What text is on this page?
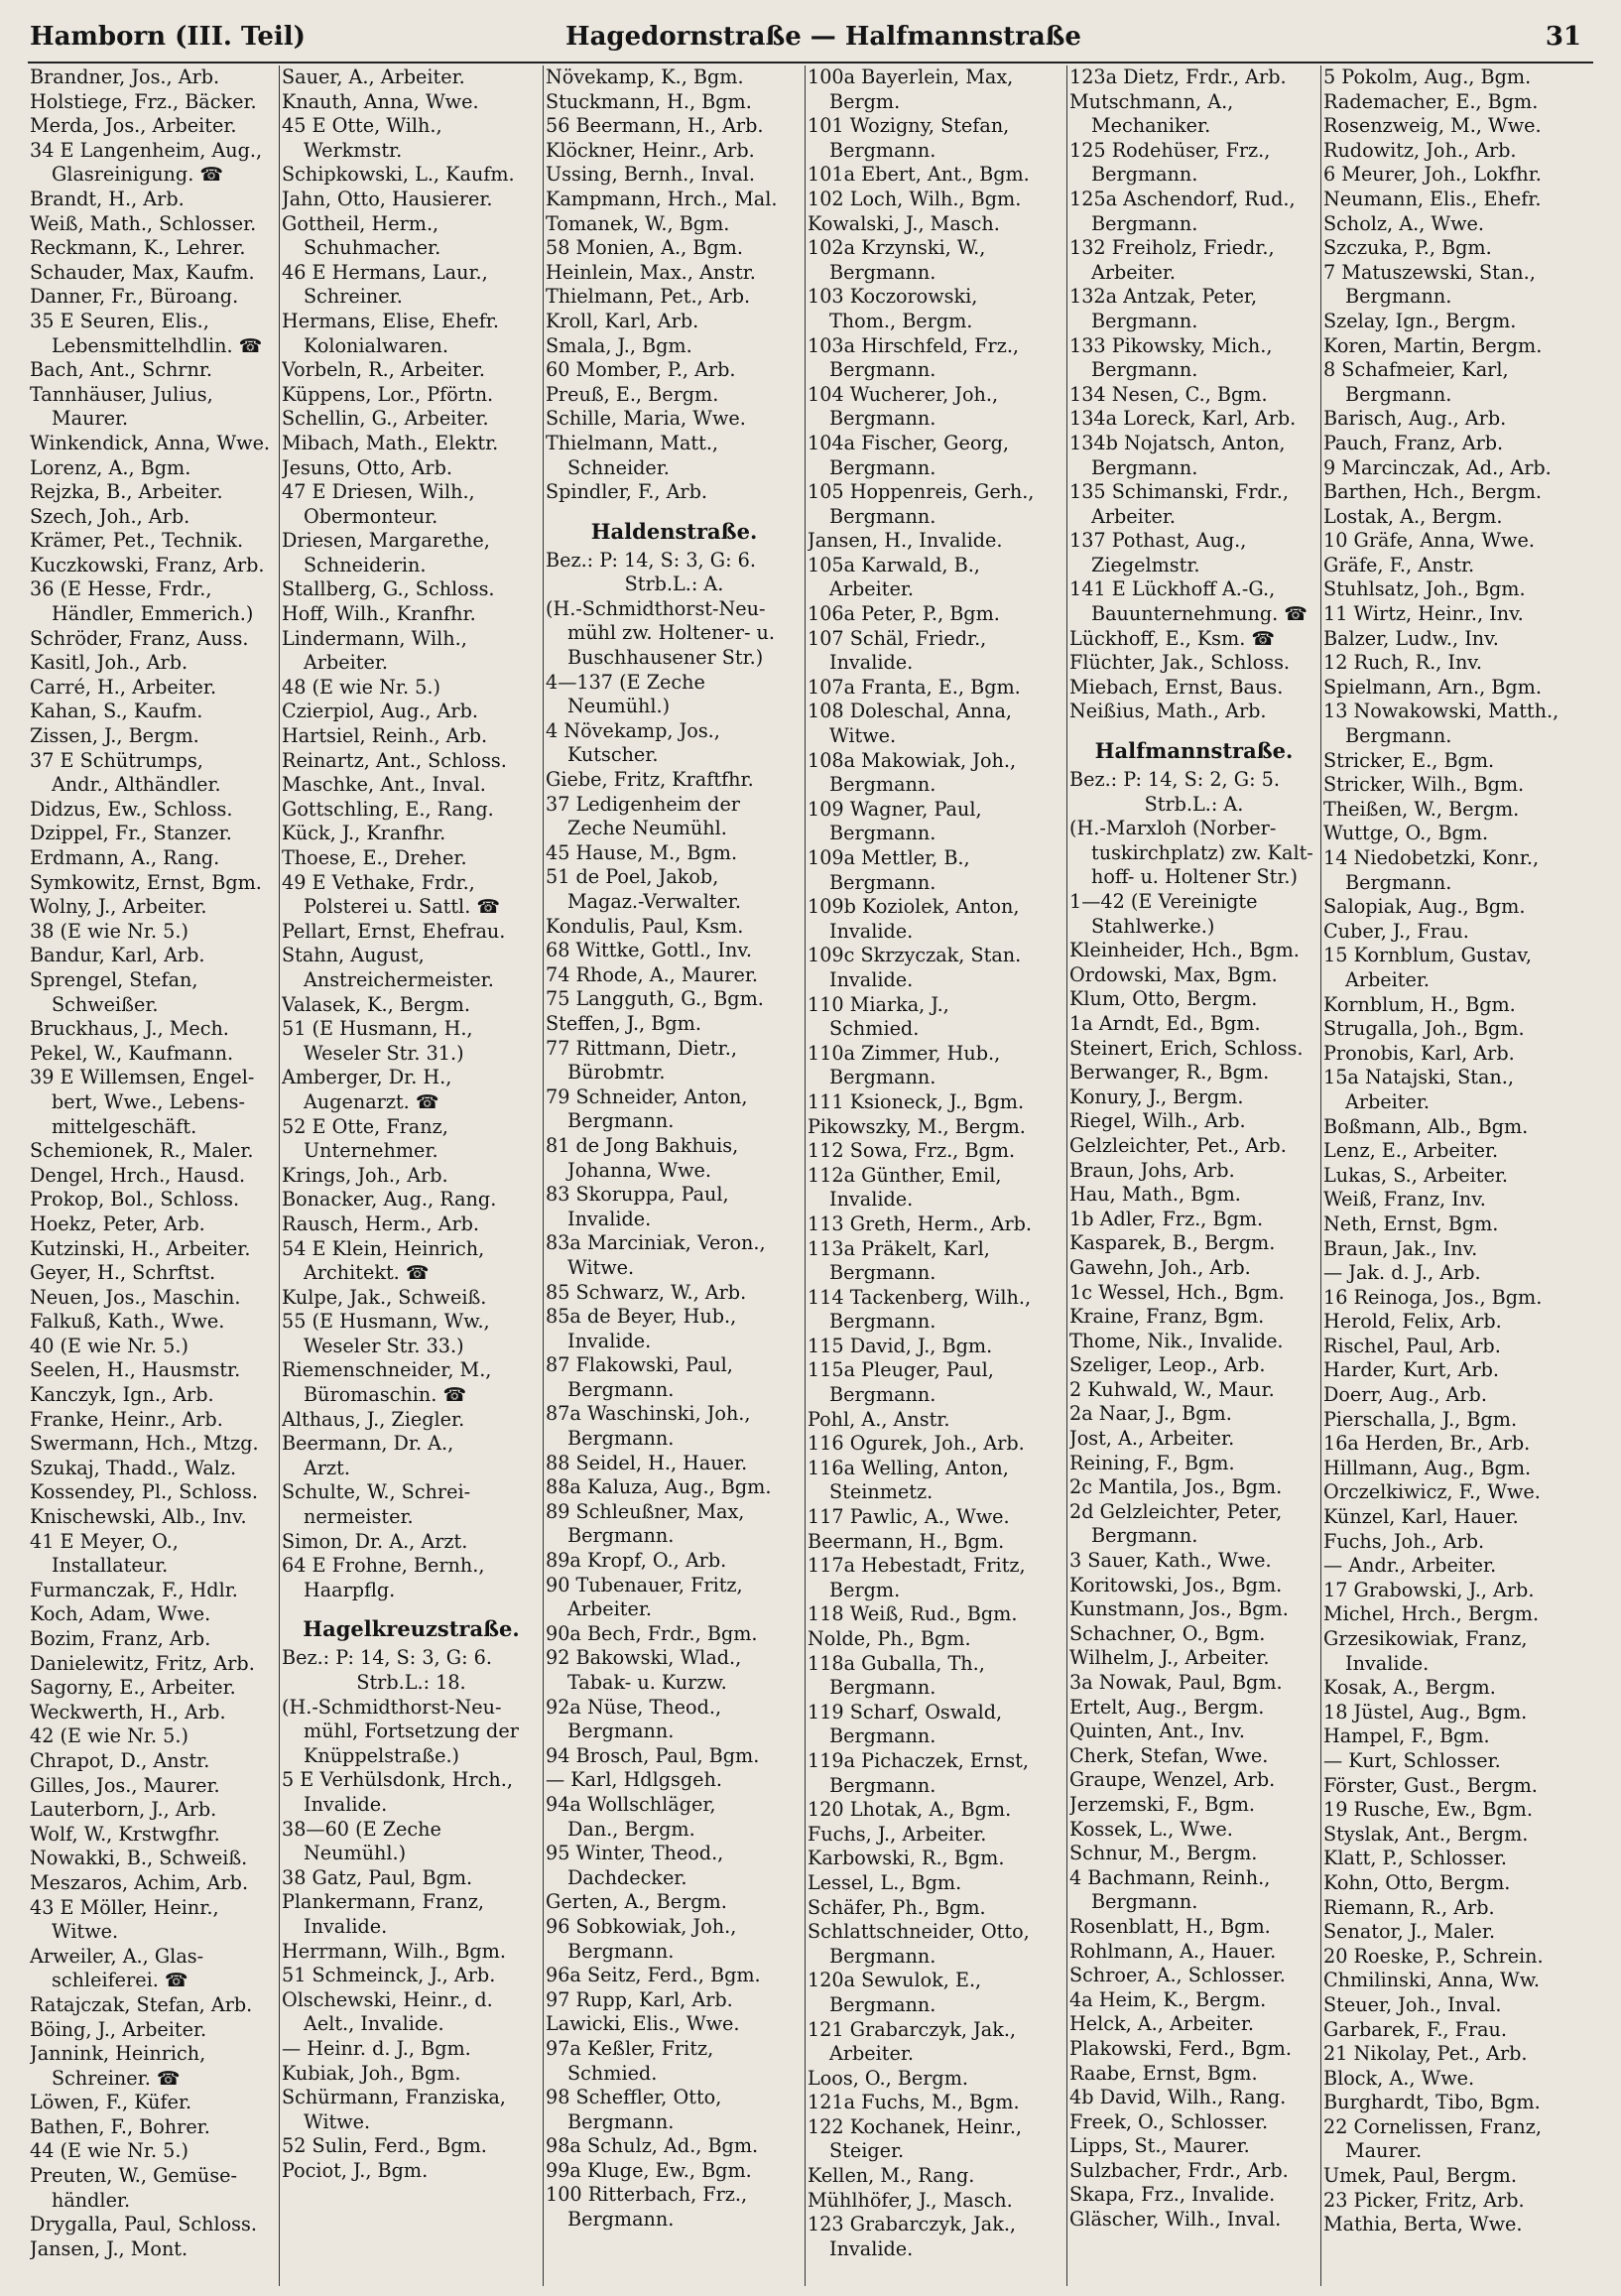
Hamborn (III. Teil)	Hagedornstraße — Halfmannstraße	31
Brandner, Jos., Arb.
Holstiege, Frz., Bäcker.
Merda, Jos., Arbeiter.
34 E Langenheim, Aug.,
Glasreinigung. ☎
Brandt, H., Arb.
Weiß, Math., Schlosser.
Reckmann, K., Lehrer.
Schauder, Max, Kaufm.
Danner, Fr., Büroang.
35 E Seuren, Elis.,
Lebensmittelhdlin. ☎
Bach, Ant., Schrnr.
Tannhäuser, Julius,
Maurer.
Winkendick, Anna, Wwe.
Lorenz, A., Bgm.
Rejzka, B., Arbeiter.
Szech, Joh., Arb.
Krämer, Pet., Technik.
Kuczkowski, Franz, Arb.
36 (E Hesse, Frdr.,
Händler, Emmerich.)
Schröder, Franz, Auss.
Kasitl, Joh., Arb.
Carré, H., Arbeiter.
Kahan, S., Kaufm.
Zissen, J., Bergm.
37 E Schütrumps,
Andr., Althändler.
Didzus, Ew., Schloss.
Dzippel, Fr., Stanzer.
Erdmann, A., Rang.
Symkowitz, Ernst, Bgm.
Wolny, J., Arbeiter.
38 (E wie Nr. 5.)
Bandur, Karl, Arb.
Sprengel, Stefan,
Schweißer.
Bruckhaus, J., Mech.
Pekel, W., Kaufmann.
39 E Willemsen, Engel-
bert, Wwe., Lebens-
mittelgeschäft.
Schemionek, R., Maler.
Dengel, Hrch., Hausd.
Prokop, Bol., Schloss.
Hoekz, Peter, Arb.
Kutzinski, H., Arbeiter.
Geyer, H., Schrftst.
Neuen, Jos., Maschin.
Falkuß, Kath., Wwe.
40 (E wie Nr. 5.)
Seelen, H., Hausmstr.
Kanczyk, Ign., Arb.
Franke, Heinr., Arb.
Swermann, Hch., Mtzg.
Szukaj, Thadd., Walz.
Kossendey, Pl., Schloss.
Knischewski, Alb., Inv.
41 E Meyer, O.,
Installateur.
Furmanczak, F., Hdlr.
Koch, Adam, Wwe.
Bozim, Franz, Arb.
Danielewitz, Fritz, Arb.
Sagorny, E., Arbeiter.
Weckwerth, H., Arb.
42 (E wie Nr. 5.)
Chrapot, D., Anstr.
Gilles, Jos., Maurer.
Lauterborn, J., Arb.
Wolf, W., Krstwgfhr.
Nowakki, B., Schweiß.
Meszaros, Achim, Arb.
43 E Möller, Heinr.,
Witwe.
Arweiler, A., Glas-
schleiferei. ☎
Ratajczak, Stefan, Arb.
Böing, J., Arbeiter.
Jannink, Heinrich,
Schreiner. ☎
Löwen, F., Küfer.
Bathen, F., Bohrer.
44 (E wie Nr. 5.)
Preuten, W., Gemüse-
händler.
Drygalla, Paul, Schloss.
Jansen, J., Mont.
Sauer, A., Arbeiter.
Knauth, Anna, Wwe.
45 E Otte, Wilh.,
Werkmstr.
Schipkowski, L., Kaufm.
Jahn, Otto, Hausierer.
Gottheil, Herm.,
Schuhmacher.
46 E Hermans, Laur.,
Schreiner.
Hermans, Elise, Ehefr.
Kolonialwaren.
Vorbeln, R., Arbeiter.
Küppens, Lor., Pförtn.
Schellin, G., Arbeiter.
Mibach, Math., Elektr.
Jesuns, Otto, Arb.
47 E Driesen, Wilh.,
Obermonteur.
Driesen, Margarethe,
Schneiderin.
Stallberg, G., Schloss.
Hoff, Wilh., Kranfhr.
Lindermann, Wilh.,
Arbeiter.
48 (E wie Nr. 5.)
Czierpiol, Aug., Arb.
Hartsiel, Reinh., Arb.
Reinartz, Ant., Schloss.
Maschke, Ant., Inval.
Gottschling, E., Rang.
Kück, J., Kranfhr.
Thoese, E., Dreher.
49 E Vethake, Frdr.,
Polsterei u. Sattl. ☎
Pellart, Ernst, Ehefrau.
Stahn, August,
Anstreichermeister.
Valasek, K., Bergm.
51 (E Husmann, H.,
Weseler Str. 31.)
Amberger, Dr. H.,
Augenarzt. ☎
52 E Otte, Franz,
Unternehmer.
Krings, Joh., Arb.
Bonacker, Aug., Rang.
Rausch, Herm., Arb.
54 E Klein, Heinrich,
Architekt. ☎
Kulpe, Jak., Schweiß.
55 (E Husmann, Ww.,
Weseler Str. 33.)
Riemenschneider, M.,
Büromaschin. ☎
Althaus, J., Ziegler.
Beermann, Dr. A.,
Arzt.
Schulte, W., Schrei-
nermeister.
Simon, Dr. A., Arzt.
64 E Frohne, Bernh.,
Haarpflg.
Hagelkreuzstraße.
Bez.: P: 14, S: 3, G: 6.
Strb.L.: 18.
(H.-Schmidthorst-Neu-
mühl, Fortsetzung der
Knüppelstraße.)
5 E Verhülsdonk, Hrch.,
Invalide.
38—60 (E Zeche
Neumühl.)
38 Gatz, Paul, Bgm.
Plankermann, Franz,
Invalide.
Herrmann, Wilh., Bgm.
51 Schmeinck, J., Arb.
Olschewski, Heinr., d.
Aelt., Invalide.
— Heinr. d. J., Bgm.
Kubiak, Joh., Bgm.
Schürmann, Franziska,
Witwe.
52 Sulin, Ferd., Bgm.
Pociot, J., Bgm.
Növekamp, K., Bgm.
Stuckmann, H., Bgm.
56 Beermann, H., Arb.
Klöckner, Heinr., Arb.
Ussing, Bernh., Inval.
Kampmann, Hrch., Mal.
Tomanek, W., Bgm.
58 Monien, A., Bgm.
Heinlein, Max., Anstr.
Thielmann, Pet., Arb.
Kroll, Karl, Arb.
Smala, J., Bgm.
60 Momber, P., Arb.
Preuß, E., Bergm.
Schille, Maria, Wwe.
Thielmann, Matt.,
Schneider.
Spindler, F., Arb.
Haldenstraße.
Bez.: P: 14, S: 3, G: 6.
Strb.L.: A.
(H.-Schmidthorst-Neu-
mühl zw. Holtener- u.
Buschhausener Str.)
4—137 (E Zeche
Neumühl.)
4 Növekamp, Jos.,
Kutscher.
Giebe, Fritz, Kraftfhr.
37 Ledigenheim der
Zeche Neumühl.
45 Hause, M., Bgm.
51 de Poel, Jakob,
Magaz.-Verwalter.
Kondulis, Paul, Ksm.
68 Wittke, Gottl., Inv.
74 Rhode, A., Maurer.
75 Langguth, G., Bgm.
Steffen, J., Bgm.
77 Rittmann, Dietr.,
Bürobmtr.
79 Schneider, Anton,
Bergmann.
81 de Jong Bakhuis,
Johanna, Wwe.
83 Skoruppa, Paul,
Invalide.
83a Marciniak, Veron.,
Witwe.
85 Schwarz, W., Arb.
85a de Beyer, Hub.,
Invalide.
87 Flakowski, Paul,
Bergmann.
87a Waschinski, Joh.,
Bergmann.
88 Seidel, H., Hauer.
88a Kaluza, Aug., Bgm.
89 Schleußner, Max,
Bergmann.
89a Kropf, O., Arb.
90 Tubenauer, Fritz,
Arbeiter.
90a Bech, Frdr., Bgm.
92 Bakowski, Wlad.,
Tabak- u. Kurzw.
92a Nüse, Theod.,
Bergmann.
94 Brosch, Paul, Bgm.
— Karl, Hdlgsgeh.
94a Wollschläger,
Dan., Bergm.
95 Winter, Theod.,
Dachdecker.
Gerten, A., Bergm.
96 Sobkowiak, Joh.,
Bergmann.
96a Seitz, Ferd., Bgm.
97 Rupp, Karl, Arb.
Lawicki, Elis., Wwe.
97a Keßler, Fritz,
Schmied.
98 Scheffler, Otto,
Bergmann.
98a Schulz, Ad., Bgm.
99a Kluge, Ew., Bgm.
100 Ritterbach, Frz.,
Bergmann.
100a Bayerlein, Max,
Bergm.
101 Wozigny, Stefan,
Bergmann.
101a Ebert, Ant., Bgm.
102 Loch, Wilh., Bgm.
Kowalski, J., Masch.
102a Krzynski, W.,
Bergmann.
103 Koczorowski,
Thom., Bergm.
103a Hirschfeld, Frz.,
Bergmann.
104 Wucherer, Joh.,
Bergmann.
104a Fischer, Georg,
Bergmann.
105 Hoppenreis, Gerh.,
Bergmann.
Jansen, H., Invalide.
105a Karwald, B.,
Arbeiter.
106a Peter, P., Bgm.
107 Schäl, Friedr.,
Invalide.
107a Franta, E., Bgm.
108 Doleschal, Anna,
Witwe.
108a Makowiak, Joh.,
Bergmann.
109 Wagner, Paul,
Bergmann.
109a Mettler, B.,
Bergmann.
109b Koziolek, Anton,
Invalide.
109c Skrzyczak, Stan.
Invalide.
110 Miarka, J.,
Schmied.
110a Zimmer, Hub.,
Bergmann.
111 Ksioneck, J., Bgm.
Pikowszky, M., Bergm.
112 Sowa, Frz., Bgm.
112a Günther, Emil,
Invalide.
113 Greth, Herm., Arb.
113a Präkelt, Karl,
Bergmann.
114 Tackenberg, Wilh.,
Bergmann.
115 David, J., Bgm.
115a Pleuger, Paul,
Bergmann.
Pohl, A., Anstr.
116 Ogurek, Joh., Arb.
116a Welling, Anton,
Steinmetz.
117 Pawlic, A., Wwe.
Beermann, H., Bgm.
117a Hebestadt, Fritz,
Bergm.
118 Weiß, Rud., Bgm.
Nolde, Ph., Bgm.
118a Guballa, Th.,
Bergmann.
119 Scharf, Oswald,
Bergmann.
119a Pichaczek, Ernst,
Bergmann.
120 Lhotak, A., Bgm.
Fuchs, J., Arbeiter.
Karbowski, R., Bgm.
Lessel, L., Bgm.
Schäfer, Ph., Bgm.
Schlattschneider, Otto,
Bergmann.
120a Sewulok, E.,
Bergmann.
121 Grabarczyk, Jak.,
Arbeiter.
Loos, O., Bergm.
121a Fuchs, M., Bgm.
122 Kochanek, Heinr.,
Steiger.
Kellen, M., Rang.
Mühlhöfer, J., Masch.
123 Grabarczyk, Jak.,
Invalide.
123a Dietz, Frdr., Arb.
Mutschmann, A.,
Mechaniker.
125 Rodehüser, Frz.,
Bergmann.
125a Aschendorf, Rud.,
Bergmann.
132 Freiholz, Friedr.,
Arbeiter.
132a Antzak, Peter,
Bergmann.
133 Pikowsky, Mich.,
Bergmann.
134 Nesen, C., Bgm.
134a Loreck, Karl, Arb.
134b Nojatsch, Anton,
Bergmann.
135 Schimanski, Frdr.,
Arbeiter.
137 Pothast, Aug.,
Ziegelmstr.
141 E Lückhoff A.-G.,
Bauunternehmung. ☎
Lückhoff, E., Ksm. ☎
Flüchter, Jak., Schloss.
Miebach, Ernst, Baus.
Neißius, Math., Arb.
Halfmannstraße.
Bez.: P: 14, S: 2, G: 5.
Strb.L.: A.
(H.-Marxloh (Norber-
tuskirchplatz) zw. Kalt-
hoff- u. Holtener Str.)
1—42 (E Vereinigte
Stahlwerke.)
Kleinheider, Hch., Bgm.
Ordowski, Max, Bgm.
Klum, Otto, Bergm.
1a Arndt, Ed., Bgm.
Steinert, Erich, Schloss.
Berwanger, R., Bgm.
Konury, J., Bergm.
Riegel, Wilh., Arb.
Gelzleichter, Pet., Arb.
Braun, Johs, Arb.
Hau, Math., Bgm.
1b Adler, Frz., Bgm.
Kasparek, B., Bergm.
Gawehn, Joh., Arb.
1c Wessel, Hch., Bgm.
Kraine, Franz, Bgm.
Thome, Nik., Invalide.
Szeliger, Leop., Arb.
2 Kuhwald, W., Maur.
2a Naar, J., Bgm.
Jost, A., Arbeiter.
Reining, F., Bgm.
2c Mantila, Jos., Bgm.
2d Gelzleichter, Peter,
Bergmann.
3 Sauer, Kath., Wwe.
Koritowski, Jos., Bgm.
Kunstmann, Jos., Bgm.
Schachner, O., Bgm.
Wilhelm, J., Arbeiter.
3a Nowak, Paul, Bgm.
Ertelt, Aug., Bergm.
Quinten, Ant., Inv.
Cherk, Stefan, Wwe.
Graupe, Wenzel, Arb.
Jerzemski, F., Bgm.
Kossek, L., Wwe.
Schnur, M., Bergm.
4 Bachmann, Reinh.,
Bergmann.
Rosenblatt, H., Bgm.
Rohlmann, A., Hauer.
Schroer, A., Schlosser.
4a Heim, K., Bergm.
Helck, A., Arbeiter.
Plakowski, Ferd., Bgm.
Raabe, Ernst, Bgm.
4b David, Wilh., Rang.
Freek, O., Schlosser.
Lipps, St., Maurer.
Sulzbacher, Frdr., Arb.
Skapa, Frz., Invalide.
Gläscher, Wilh., Inval.
5 Pokolm, Aug., Bgm.
Rademacher, E., Bgm.
Rosenzweig, M., Wwe.
Rudowitz, Joh., Arb.
6 Meurer, Joh., Lokfhr.
Neumann, Elis., Ehefr.
Scholz, A., Wwe.
Szczuka, P., Bgm.
7 Matuszewski, Stan.,
Bergmann.
Szelay, Ign., Bergm.
Koren, Martin, Bergm.
8 Schafmeier, Karl,
Bergmann.
Barisch, Aug., Arb.
Pauch, Franz, Arb.
9 Marcinczak, Ad., Arb.
Barthen, Hch., Bergm.
Lostak, A., Bergm.
10 Gräfe, Anna, Wwe.
Gräfe, F., Anstr.
Stuhlsatz, Joh., Bgm.
11 Wirtz, Heinr., Inv.
Balzer, Ludw., Inv.
12 Ruch, R., Inv.
Spielmann, Arn., Bgm.
13 Nowakowski, Matth.,
Bergmann.
Stricker, E., Bgm.
Stricker, Wilh., Bgm.
Theißen, W., Bergm.
Wuttge, O., Bgm.
14 Niedobetzki, Konr.,
Bergmann.
Salopiak, Aug., Bgm.
Cuber, J., Frau.
15 Kornblum, Gustav,
Arbeiter.
Kornblum, H., Bgm.
Strugalla, Joh., Bgm.
Pronobis, Karl, Arb.
15a Natajski, Stan.,
Arbeiter.
Boßmann, Alb., Bgm.
Lenz, E., Arbeiter.
Lukas, S., Arbeiter.
Weiß, Franz, Inv.
Neth, Ernst, Bgm.
Braun, Jak., Inv.
— Jak. d. J., Arb.
16 Reinoga, Jos., Bgm.
Herold, Felix, Arb.
Rischel, Paul, Arb.
Harder, Kurt, Arb.
Doerr, Aug., Arb.
Pierschalla, J., Bgm.
16a Herden, Br., Arb.
Hillmann, Aug., Bgm.
Orczelkiwicz, F., Wwe.
Künzel, Karl, Hauer.
Fuchs, Joh., Arb.
— Andr., Arbeiter.
17 Grabowski, J., Arb.
Michel, Hrch., Bergm.
Grzesikowiak, Franz,
Invalide.
Kosak, A., Bergm.
18 Jüstel, Aug., Bgm.
Hampel, F., Bgm.
— Kurt, Schlosser.
Förster, Gust., Bergm.
19 Rusche, Ew., Bgm.
Styslak, Ant., Bergm.
Klatt, P., Schlosser.
Kohn, Otto, Bergm.
Riemann, R., Arb.
Senator, J., Maler.
20 Roeske, P., Schrein.
Chmilinski, Anna, Ww.
Steuer, Joh., Inval.
Garbarek, F., Frau.
21 Nikolay, Pet., Arb.
Block, A., Wwe.
Burghardt, Tibo, Bgm.
22 Cornelissen, Franz,
Maurer.
Umek, Paul, Bergm.
23 Picker, Fritz, Arb.
Mathia, Berta, Wwe.
